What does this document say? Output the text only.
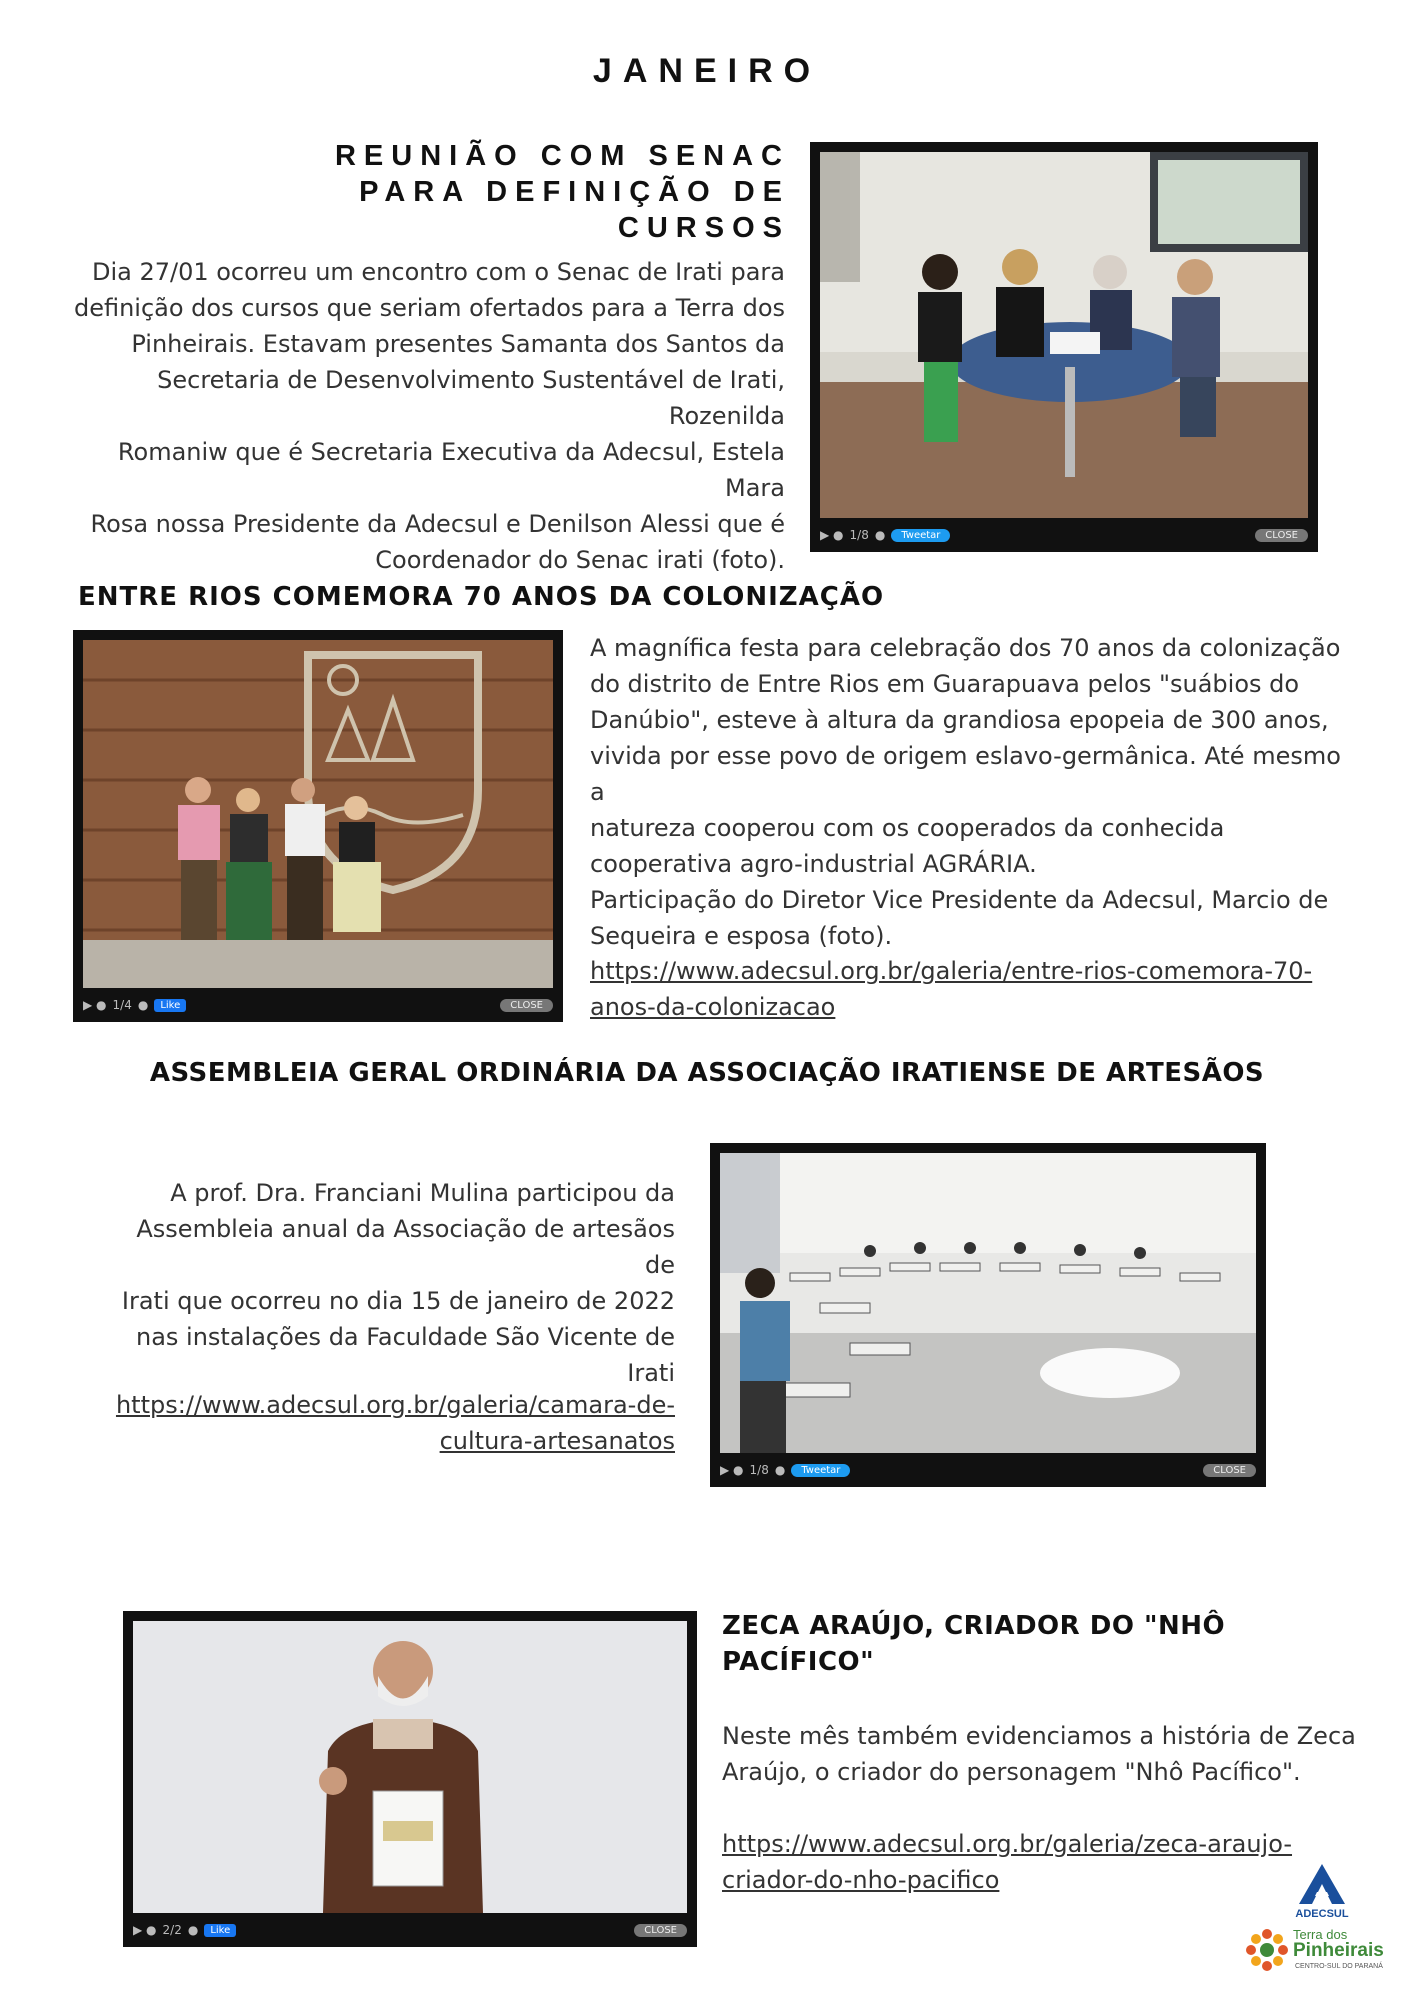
JANEIRO
REUNIÃO COM SENAC
PARA DEFINIÇÃO DE
CURSOS
Dia 27/01 ocorreu um encontro com o Senac de Irati para
definição dos cursos que seriam ofertados para a Terra dos
Pinheirais. Estavam presentes Samanta dos Santos da
Secretaria de Desenvolvimento Sustentável de Irati, Rozenilda
Romaniw que é Secretaria Executiva da Adecsul, Estela Mara
Rosa nossa Presidente da Adecsul e Denilson Alessi que é
Coordenador do Senac irati (foto).
▶ ● 1/8 ●	Tweetar	CLOSE
ENTRE RIOS COMEMORA 70 ANOS DA COLONIZAÇÃO
▶ ● 1/4 ●	Like	CLOSE
A magnífica festa para celebração dos 70 anos da colonização
do distrito de Entre Rios em Guarapuava pelos "suábios do
Danúbio", esteve à altura da grandiosa epopeia de 300 anos,
vivida por esse povo de origem eslavo-germânica. Até mesmo a
natureza cooperou com os cooperados da conhecida
cooperativa agro-industrial AGRÁRIA.
Participação do Diretor Vice Presidente da Adecsul, Marcio de
Sequeira e esposa (foto).
https://www.adecsul.org.br/galeria/entre-rios-comemora-70-
anos-da-colonizacao
ASSEMBLEIA GERAL ORDINÁRIA DA ASSOCIAÇÃO IRATIENSE DE ARTESÃOS
A prof. Dra. Franciani Mulina participou da
Assembleia anual da Associação de artesãos de
Irati que ocorreu no dia 15 de janeiro de 2022
nas instalações da Faculdade São Vicente de
Irati
https://www.adecsul.org.br/galeria/camara-de-
cultura-artesanatos
▶ ● 1/8 ●	Tweetar	CLOSE
▶ ● 2/2 ●	Like	CLOSE
ZECA ARAÚJO, CRIADOR DO "NHÔ
PACÍFICO"
Neste mês também evidenciamos a história de Zeca
Araújo, o criador do personagem "Nhô Pacífico".
https://www.adecsul.org.br/galeria/zeca-araujo-
criador-do-nho-pacifico
ADECSUL
Terra dos
Pinheirais
CENTRO-SUL DO PARANÁ
